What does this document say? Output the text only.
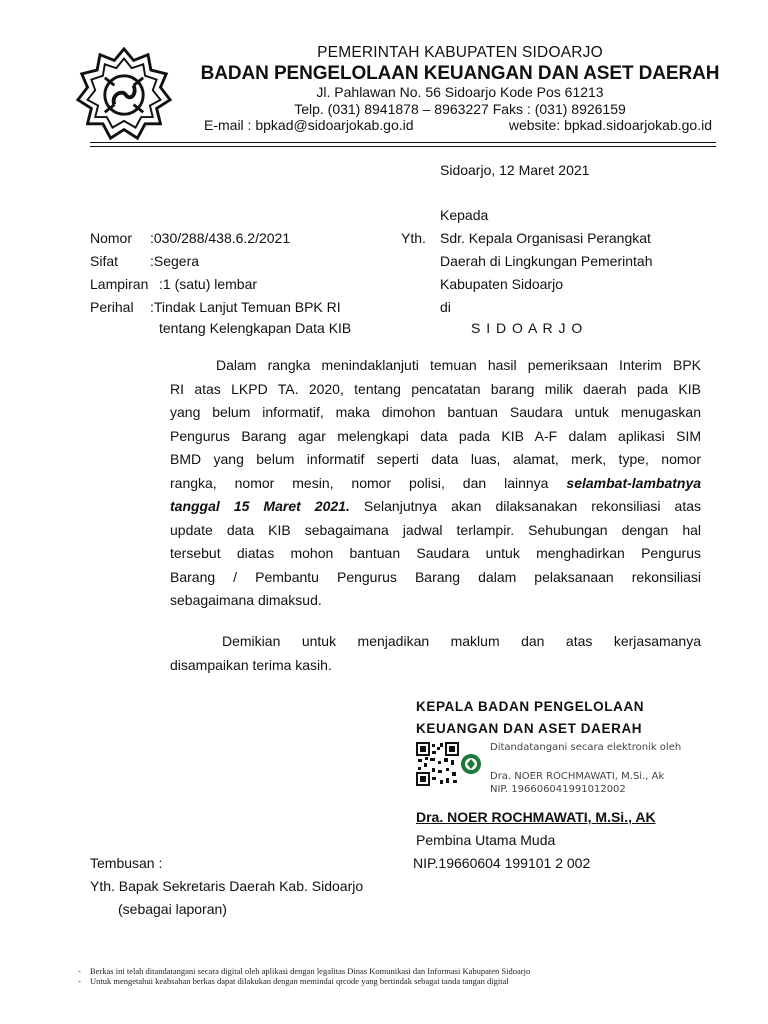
PEMERINTAH KABUPATEN SIDOARJO
BADAN PENGELOLAAN KEUANGAN DAN ASET DAERAH
Jl. Pahlawan No. 56 Sidoarjo Kode Pos 61213
Telp. (031) 8941878 – 8963227 Faks : (031) 8926159
E-mail : bpkad@sidoarjokab.go.id	website: bpkad.sidoarjokab.go.id
Sidoarjo, 12 Maret 2021
Kepada
Yth. Sdr. Kepala Organisasi Perangkat
Daerah di Lingkungan Pemerintah
Kabupaten Sidoarjo
di
S I D O A R J O
Nomor :030/288/438.6.2/2021
Sifat :Segera
Lampiran :1 (satu) lembar
Perihal :Tindak Lanjut Temuan BPK RI
tentang Kelengkapan Data KIB
Dalam rangka menindaklanjuti temuan hasil pemeriksaan Interim BPK
RI atas LKPD TA. 2020, tentang pencatatan barang milik daerah pada KIB
yang belum informatif, maka dimohon bantuan Saudara untuk menugaskan
Pengurus Barang agar melengkapi data pada KIB A-F dalam aplikasi SIM
BMD yang belum informatif seperti data luas, alamat, merk, type, nomor
rangka, nomor mesin, nomor polisi, dan lainnya selambat-lambatnya
tanggal 15 Maret 2021. Selanjutnya akan dilaksanakan rekonsiliasi atas
update data KIB sebagaimana jadwal terlampir. Sehubungan dengan hal
tersebut diatas mohon bantuan Saudara untuk menghadirkan Pengurus
Barang / Pembantu Pengurus Barang dalam pelaksanaan rekonsiliasi
sebagaimana dimaksud.
Demikian untuk menjadikan maklum dan atas kerjasamanya
disampaikan terima kasih.
KEPALA BADAN PENGELOLAAN
KEUANGAN DAN ASET DAERAH
Ditandatangani secara elektronik oleh
Dra. NOER ROCHMAWATI, M.Si., Ak
NIP. 196606041991012002
Dra. NOER ROCHMAWATI, M.Si., AK
Pembina Utama Muda
NIP.19660604 199101 2 002
Tembusan :
Yth. Bapak Sekretaris Daerah Kab. Sidoarjo
(sebagai laporan)
- Berkas ini telah ditandatangani secara digital oleh aplikasi dengan legalitas Dinas Komunikasi dan Informasi Kabupaten Sidoarjo
- Untuk mengetahui keabsahan berkas dapat dilakukan dengan memindai qrcode yang bertindak sebagai tanda tangan digital
